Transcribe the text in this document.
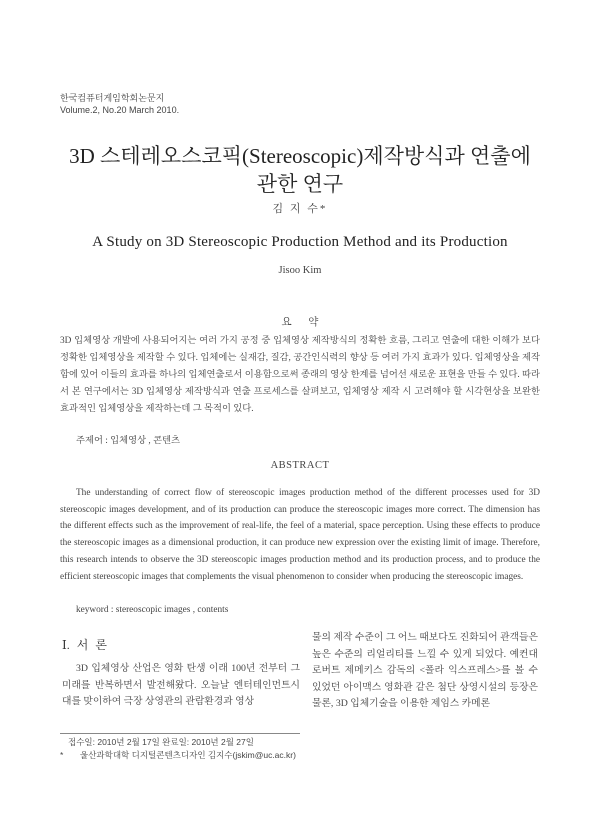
한국컴퓨터게임학회논문지
Volume.2, No.20 March 2010.
3D 스테레오스코픽(Stereoscopic)제작방식과 연출에 관한 연구
김 지 수*
A Study on 3D Stereoscopic Production Method and its Production
Jisoo Kim
요 약
3D 입체영상 개발에 사용되어지는 여러 가지 공정 중 입체영상 제작방식의 정확한 흐름, 그리고 연출에 대한 이해가 보다 정확한 입체영상을 제작할 수 있다. 입체에는 실재감, 질감, 공간인식력의 향상 등 여러 가지 효과가 있다. 입체영상을 제작함에 있어 이들의 효과를 하나의 입체연출로서 이용함으로써 종래의 영상 한계를 넘어선 새로운 표현을 만들 수 있다. 따라서 본 연구에서는 3D 입체영상 제작방식과 연출 프로세스를 살펴보고, 입체영상 제작 시 고려해야 할 시각현상을 보완한 효과적인 입체영상을 제작하는데 그 목적이 있다.
주제어 : 입체영상 , 콘텐츠
ABSTRACT
The understanding of correct flow of stereoscopic images production method of the different processes used for 3D stereoscopic images development, and of its production can produce the stereoscopic images more correct. The dimension has the different effects such as the improvement of real-life, the feel of a material, space perception. Using these effects to produce the stereoscopic images as a dimensional production, it can produce new expression over the existing limit of image. Therefore, this research intends to observe the 3D stereoscopic images production method and its production process, and to produce the efficient stereoscopic images that complements the visual phenomenon to consider when producing the stereoscopic images.
keyword : stereoscopic images , contents
Ⅰ. 서 론
3D 입체영상 산업은 영화 탄생 이래 100년 전부터 그 미래를 반복하면서 발전해왔다. 오늘날 엔터테인먼트시대를 맞이하여 극장 상영관의 관람환경과 영상
물의 제작 수준이 그 어느 때보다도 진화되어 관객들은 높은 수준의 리얼리티를 느낄 수 있게 되었다. 예컨대 로버트 제메키스 감독의 <폴라 익스프레스>를 볼 수 있었던 아이맥스 영화관 같은 첨단 상영시설의 등장은 물론, 3D 입체기술을 이용한 제임스 카메론
접수일: 2010년 2월 17일 완료일: 2010년 2월 27일
* 울산과학대학 디지털콘텐츠디자인 김지수(jskim@uc.ac.kr)
